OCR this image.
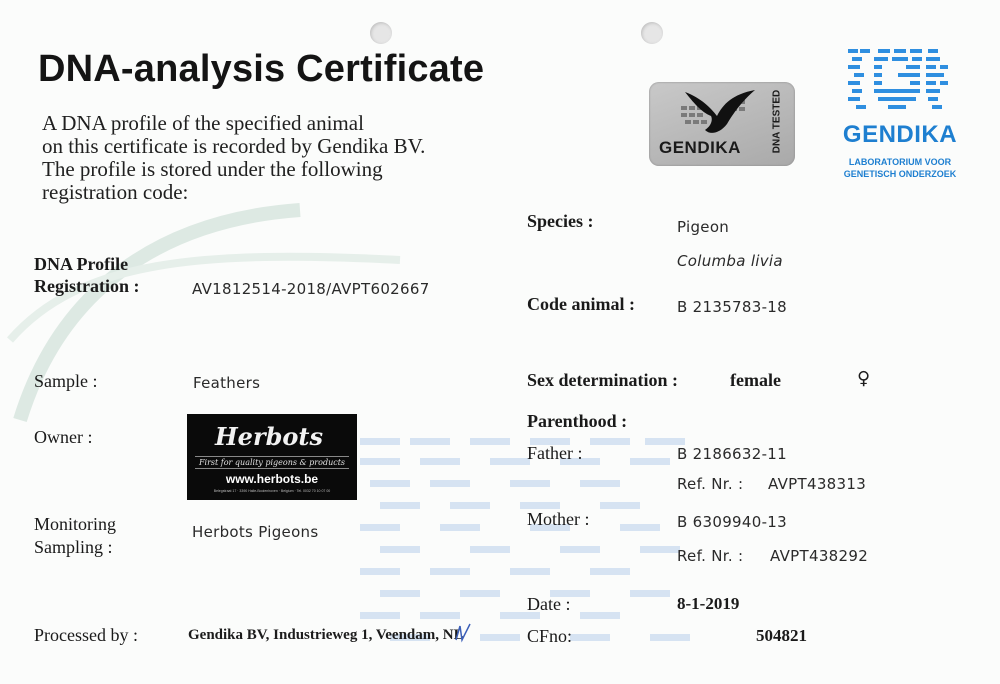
DNA-analysis Certificate
A DNA profile of the specified animal
on this certificate is recorded by Gendika BV.
The profile is stored under the following
registration code:
DNA Profile
Registration :	AV1812514-2018/AVPT602667
Sample :	Feathers
Owner :	Herbots
First for quality pigeons & products
www.herbots.be
Belegstraat 17 · 3390 Halle-Booienhoven · Belgium · Tel. 0032 70 10 07 00
Monitoring
Sampling :
Herbots Pigeons
Processed by :	Gendika BV, Industrieweg 1, Veendam, NL
Species :	Pigeon
Columba livia
Code animal :	B 2135783-18
Sex determination :	female	♀
Parenthood :
Father :	B 2186632-11
Ref. Nr. : AVPT438313
Mother :	B 6309940-13
Ref. Nr. : AVPT438292
Date :	8-1-2019
CFno:	504821
GENDIKA	DNA TESTED	GENDIKA
LABORATORIUM VOOR
GENETISCH ONDERZOEK
